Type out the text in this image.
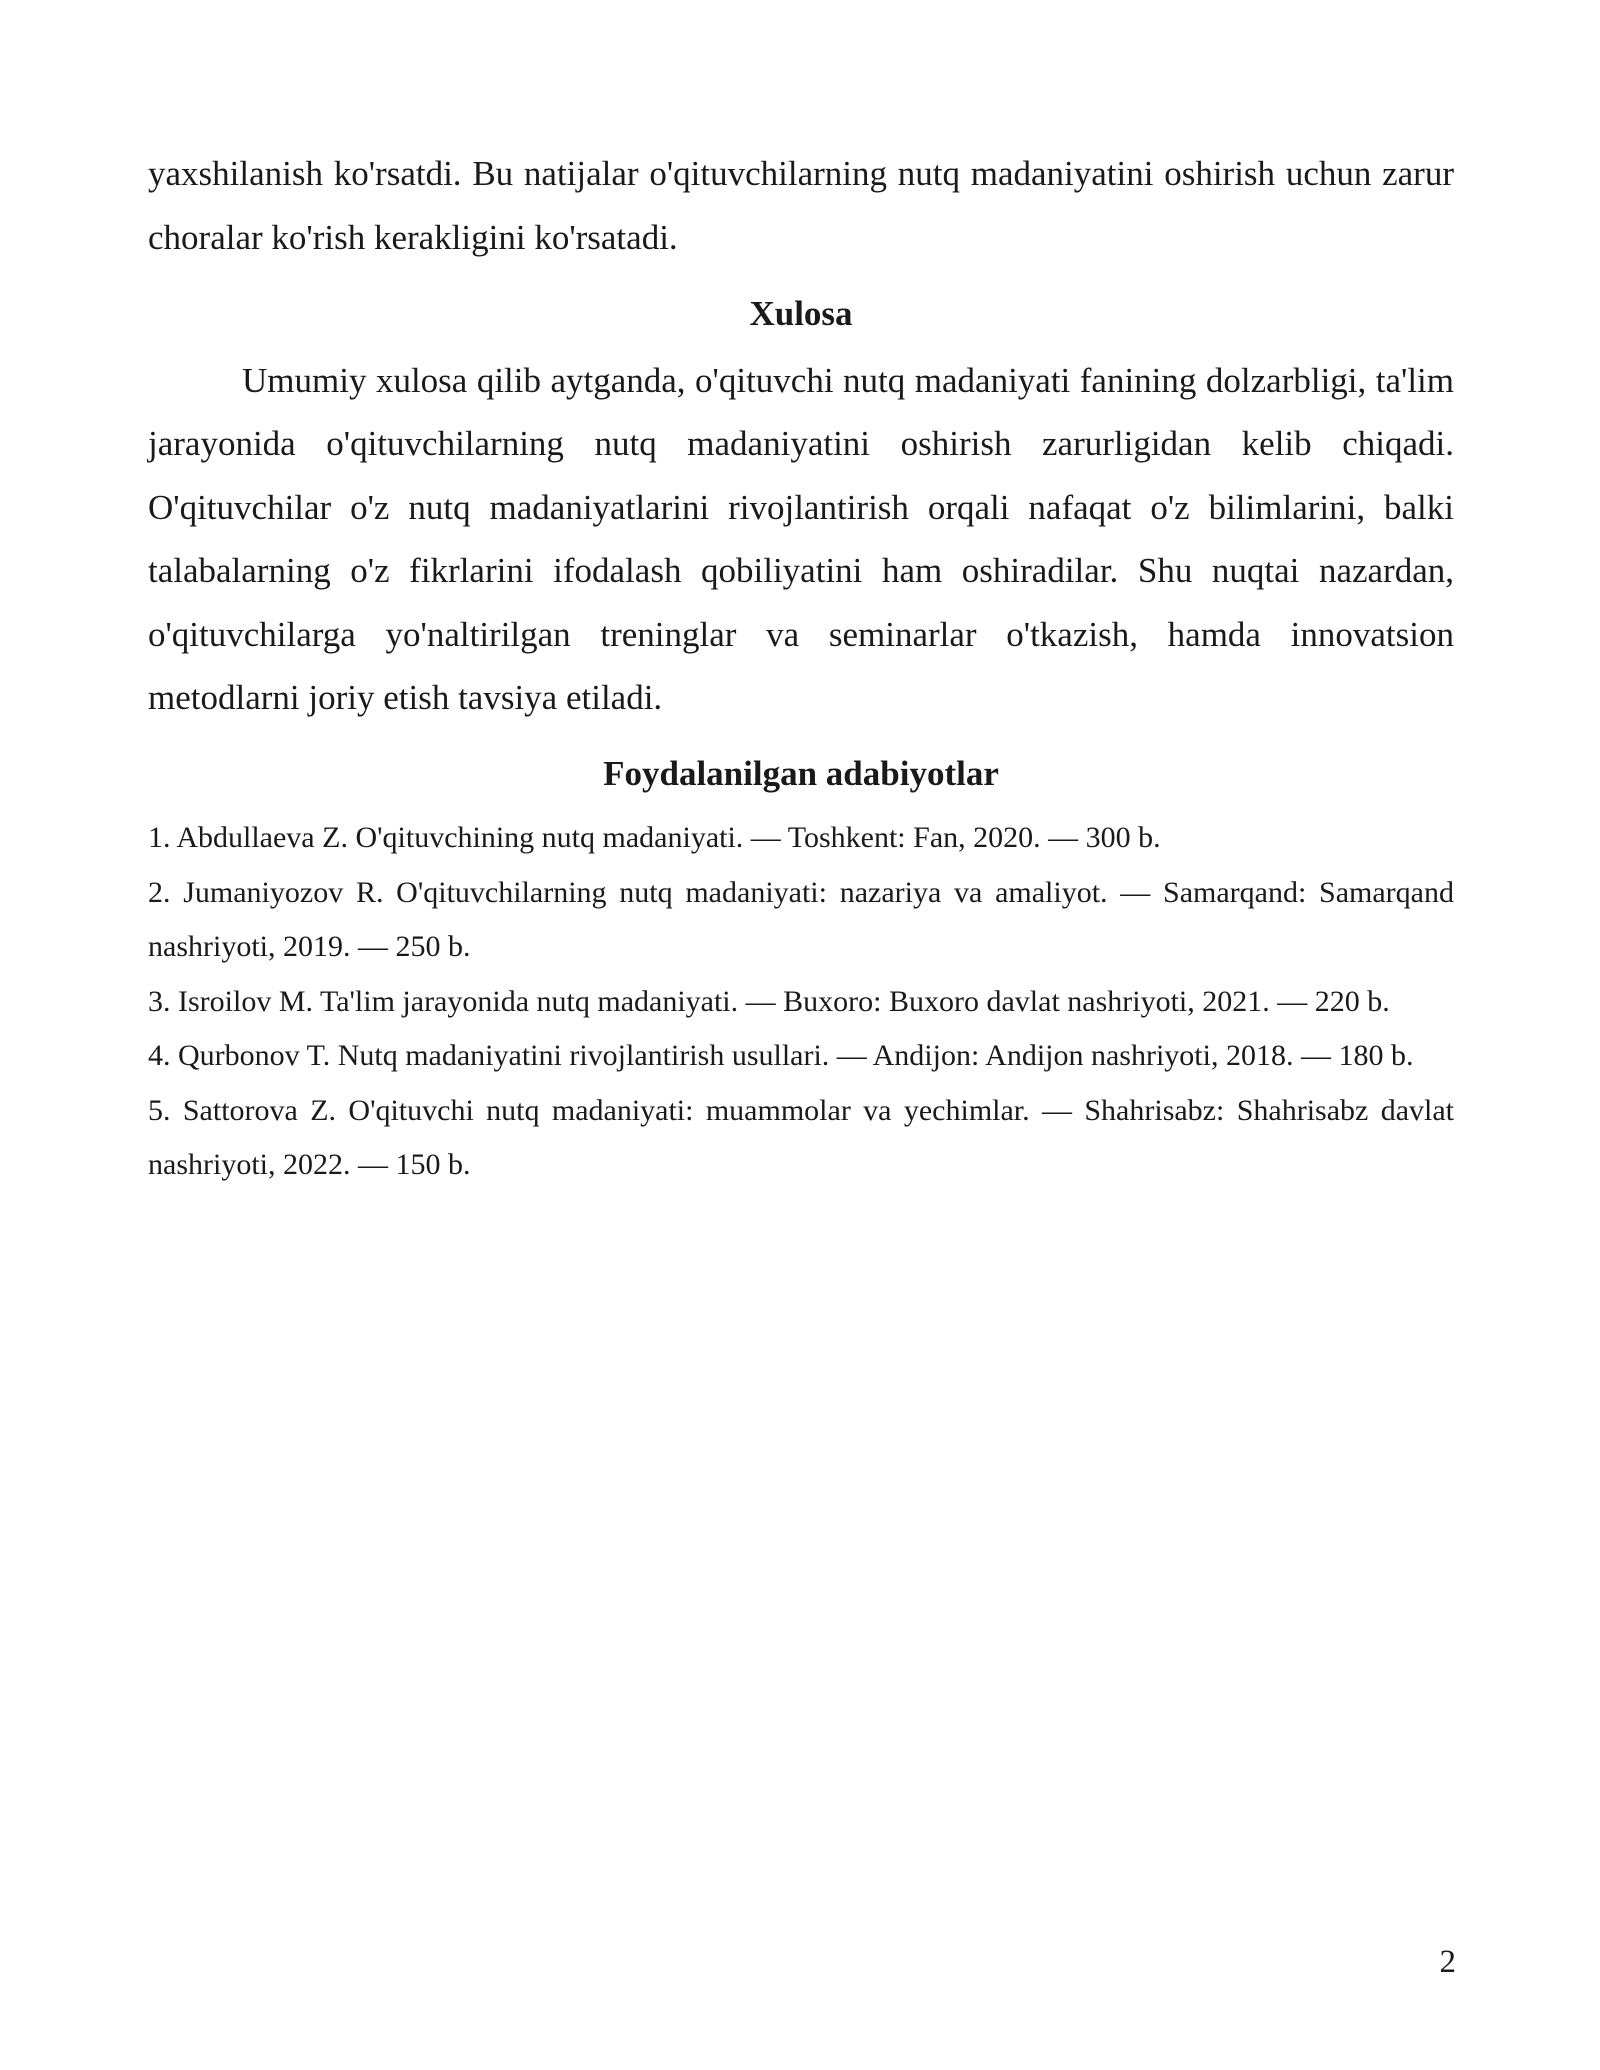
yaxshilanish ko'rsatdi. Bu natijalar o'qituvchilarning nutq madaniyatini oshirish uchun zarur choralar ko'rish kerakligini ko'rsatadi.

Xulosa

Umumiy xulosa qilib aytganda, o'qituvchi nutq madaniyati fanining dolzarbligi, ta'lim jarayonida o'qituvchilarning nutq madaniyatini oshirish zarurligidan kelib chiqadi. O'qituvchilar o'z nutq madaniyatlarini rivojlantirish orqali nafaqat o'z bilimlarini, balki talabalarning o'z fikrlarini ifodalash qobiliyatini ham oshiradilar. Shu nuqtai nazardan, o'qituvchilarga yo'naltirilgan treninglar va seminarlar o'tkazish, hamda innovatsion metodlarni joriy etish tavsiya etiladi.

Foydalanilgan adabiyotlar
1. Abdullaeva Z. O'qituvchining nutq madaniyati. — Toshkent: Fan, 2020. — 300 b.
2. Jumaniyozov R. O'qituvchilarning nutq madaniyati: nazariya va amaliyot. — Samarqand: Samarqand nashriyoti, 2019. — 250 b.
3. Isroilov M. Ta'lim jarayonida nutq madaniyati. — Buxoro: Buxoro davlat nashriyoti, 2021. — 220 b.
4. Qurbonov T. Nutq madaniyatini rivojlantirish usullari. — Andijon: Andijon nashriyoti, 2018. — 180 b.
5. Sattorova Z. O'qituvchi nutq madaniyati: muammolar va yechimlar. — Shahrisabz: Shahrisabz davlat nashriyoti, 2022. — 150 b.
2
